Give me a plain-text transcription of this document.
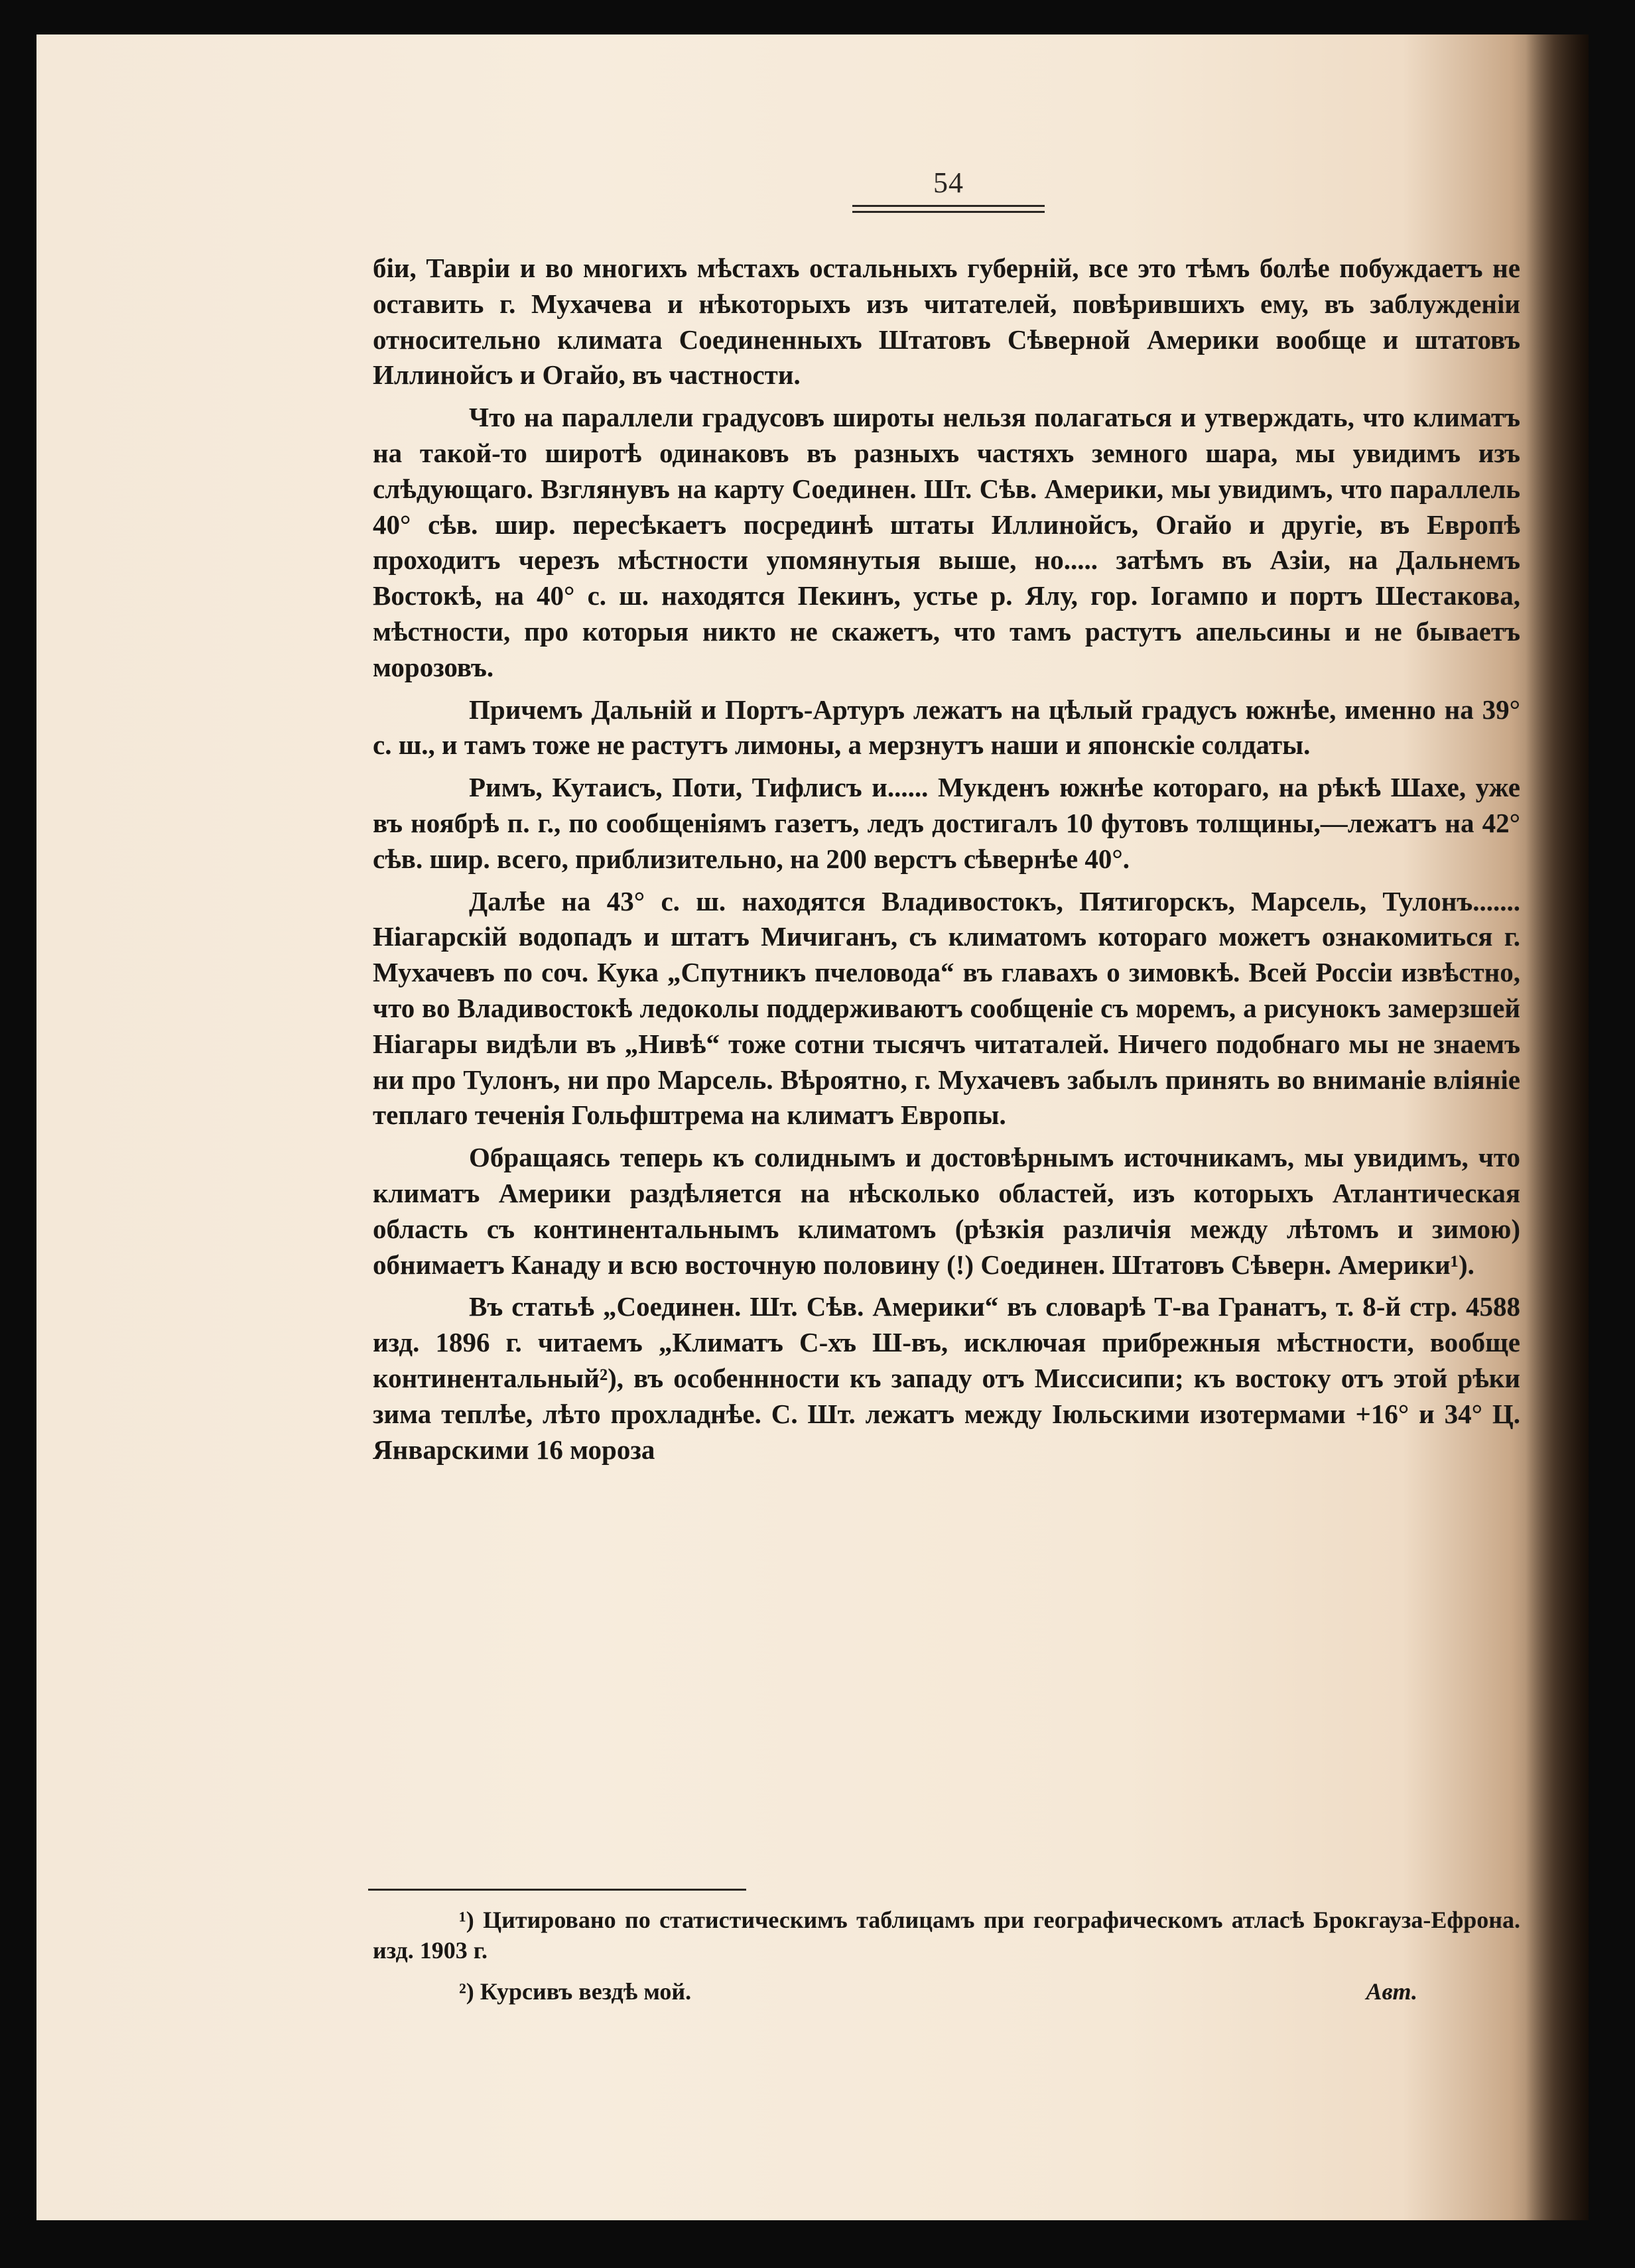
54

біи, Тавріи и во многихъ мѣстахъ остальныхъ губерній, все это тѣмъ болѣе побуждаетъ не оставить г. Мухачева и нѣкоторыхъ изъ читателей, повѣрившихъ ему, въ заблужденіи относительно климата Соединенныхъ Штатовъ Сѣверной Америки вообще и штатовъ Иллинойсъ и Огайо, въ частности.

Что на параллели градусовъ широты нельзя полагаться и утверждать, что климатъ на такой-то широтѣ одинаковъ въ разныхъ частяхъ земного шара, мы увидимъ изъ слѣдующаго. Взглянувъ на карту Соединен. Шт. Сѣв. Америки, мы увидимъ, что параллель 40° сѣв. шир. пересѣкаетъ посрединѣ штаты Иллинойсъ, Огайо и другіе, въ Европѣ проходитъ черезъ мѣстности упомянутыя выше, но..... затѣмъ въ Азіи, на Дальнемъ Востокѣ, на 40° с. ш. находятся Пекинъ, устье р. Ялу, гор. Іогампо и портъ Шестакова, мѣстности, про которыя никто не скажетъ, что тамъ растутъ апельсины и не бываетъ морозовъ.

Причемъ Дальній и Портъ-Артуръ лежатъ на цѣлый градусъ южнѣе, именно на 39° с. ш., и тамъ тоже не растутъ лимоны, а мерзнутъ наши и японскіе солдаты.

Римъ, Кутаисъ, Поти, Тифлисъ и...... Мукденъ южнѣе котораго, на рѣкѣ Шахе, уже въ ноябрѣ п. г., по сообщеніямъ газетъ, ледъ достигалъ 10 футовъ толщины,—лежатъ на 42° сѣв. шир. всего, приблизительно, на 200 верстъ сѣвернѣе 40°.

Далѣе на 43° с. ш. находятся Владивостокъ, Пятигорскъ, Марсель, Тулонъ....... Ніагарскій водопадъ и штатъ Мичиганъ, съ климатомъ котораго можетъ ознакомиться г. Мухачевъ по соч. Кука „Спутникъ пчеловода“ въ главахъ о зимовкѣ. Всей Россіи извѣстно, что во Владивостокѣ ледоколы поддерживаютъ сообщеніе съ моремъ, а рисунокъ замерзшей Ніагары видѣли въ „Нивѣ“ тоже сотни тысячъ читаталей. Ничего подобнаго мы не знаемъ ни про Тулонъ, ни про Марсель. Вѣроятно, г. Мухачевъ забылъ принять во вниманіе вліяніе теплаго теченія Гольфштрема на климатъ Европы.

Обращаясь теперь къ солиднымъ и достовѣрнымъ источникамъ, мы увидимъ, что климатъ Америки раздѣляется на нѣсколько областей, изъ которыхъ Атлантическая область съ континентальнымъ климатомъ (рѣзкія различія между лѣтомъ и зимою) обнимаетъ Канаду и всю восточную половину (!) Соединен. Штатовъ Сѣверн. Америки¹).

Въ статьѣ „Соединен. Шт. Сѣв. Америки“ въ словарѣ Т-ва Гранатъ, т. 8-й стр. 4588 изд. 1896 г. читаемъ „Климатъ С-хъ Ш-въ, исключая прибрежныя мѣстности, вообще континентальный²), въ особеннности къ западу отъ Миссисипи; къ востоку отъ этой рѣки зима теплѣе, лѣто прохладнѣе. С. Шт. лежатъ между Іюльскими изотермами +16° и 34° Ц. Январскими 16 мороза

¹) Цитировано по статистическимъ таблицамъ при географическомъ атласѣ Брокгауза-Ефрона. изд. 1903 г.

²) Курсивъ вездѣ мой.	Авт.
